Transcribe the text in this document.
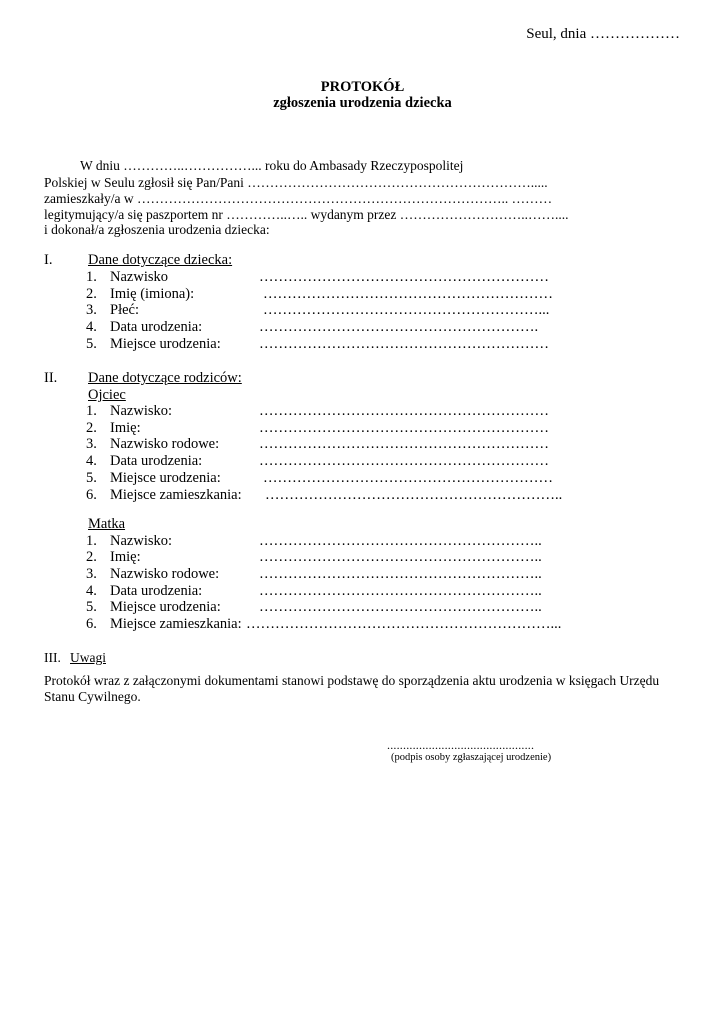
Seul, dnia ………………
PROTOKÓŁ
zgłoszenia urodzenia dziecka
W dniu …………..……………... roku do Ambasady Rzeczypospolitej
Polskiej w Seulu zgłosił się Pan/Pani ……………………………………………………….....
zamieszkały/a w ……………………………………………………………………….. ………
legitymujący/a się paszportem nr …………..….. wydanym przez ………………………..……....
i dokonał/a zgłoszenia urodzenia dziecka:
I. Dane dotyczące dziecka:
1. Nazwisko	……………………………………………………
2. Imię (imiona):	……………………………………………………
3. Płeć:	…………………………………………………...
4. Data urodzenia:	………………………………………………….
5. Miejsce urodzenia:	……………………………………………………
II. Dane dotyczące rodziców:
Ojciec
1. Nazwisko:	……………………………………………………
2. Imię:	……………………………………………………
3. Nazwisko rodowe:	……………………………………………………
4. Data urodzenia:	……………………………………………………
5. Miejsce urodzenia:	……………………………………………………
6. Miejsce zamieszkania: ……………………………………………………..
Matka
1. Nazwisko:	…………………………………………………..
2. Imię:	…………………………………………………..
3. Nazwisko rodowe:	…………………………………………………..
4. Data urodzenia:	…………………………………………………..
5. Miejsce urodzenia:	…………………………………………………..
6. Miejsce zamieszkania: ………………………………………………………...
III. Uwagi
Protokół wraz z załączonymi dokumentami stanowi podstawę do sporządzenia aktu urodzenia w księgach Urzędu Stanu Cywilnego.
..............................................
(podpis osoby zgłaszającej urodzenie)
